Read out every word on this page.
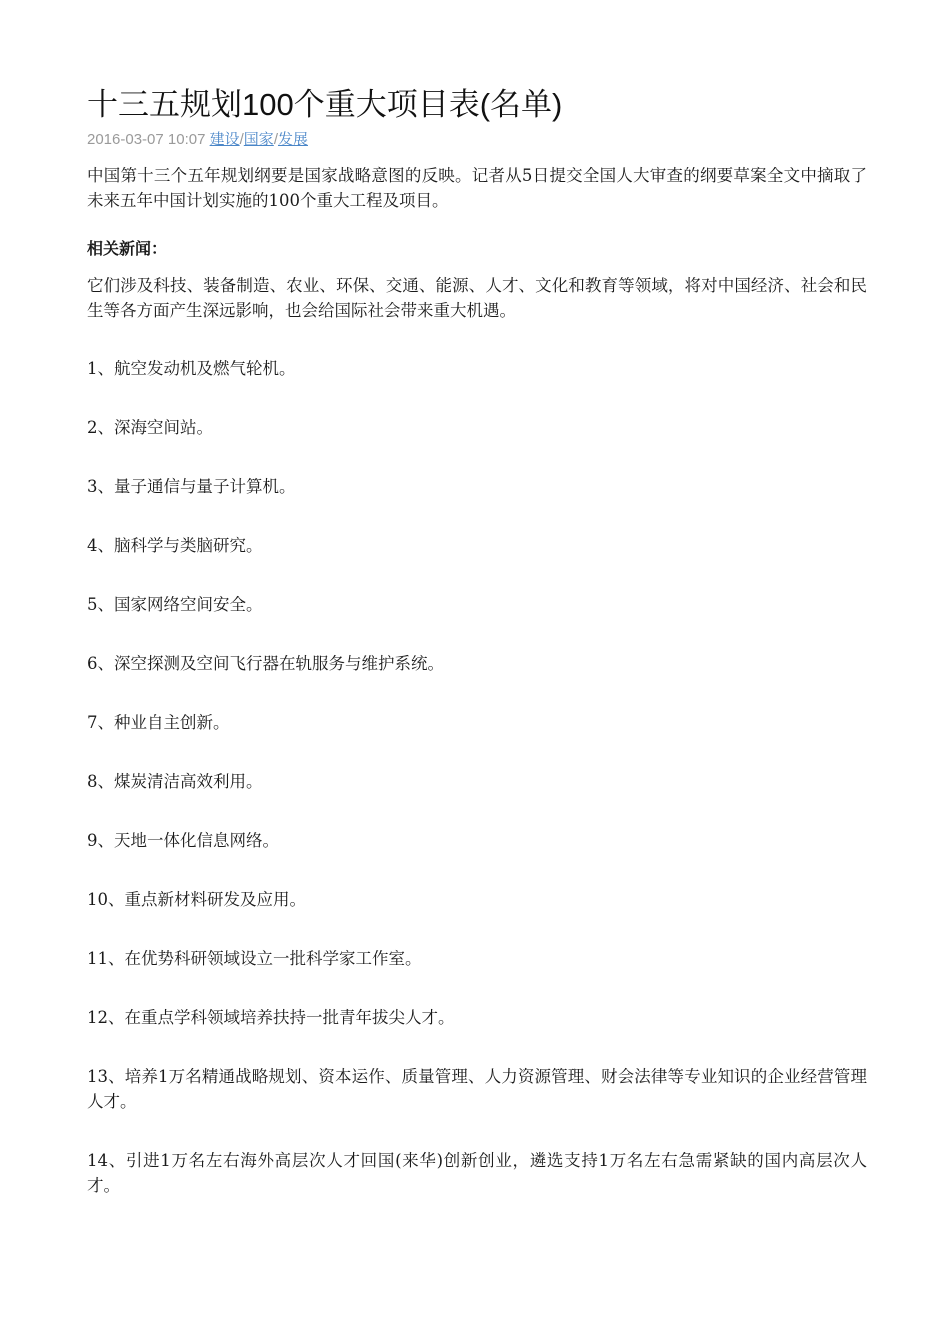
十三五规划100个重大项目表(名单)
2016-03-07 10:07 建设/国家/发展

中国第十三个五年规划纲要是国家战略意图的反映。记者从5日提交全国人大审查的纲要草案全文中摘取了未来五年中国计划实施的100个重大工程及项目。

相关新闻：

它们涉及科技、装备制造、农业、环保、交通、能源、人才、文化和教育等领域，将对中国经济、社会和民生等各方面产生深远影响，也会给国际社会带来重大机遇。

1、航空发动机及燃气轮机。
2、深海空间站。
3、量子通信与量子计算机。
4、脑科学与类脑研究。
5、国家网络空间安全。
6、深空探测及空间飞行器在轨服务与维护系统。
7、种业自主创新。
8、煤炭清洁高效利用。
9、天地一体化信息网络。
10、重点新材料研发及应用。
11、在优势科研领域设立一批科学家工作室。
12、在重点学科领域培养扶持一批青年拔尖人才。
13、培养1万名精通战略规划、资本运作、质量管理、人力资源管理、财会法律等专业知识的企业经营管理人才。
14、引进1万名左右海外高层次人才回国(来华)创新创业，遴选支持1万名左右急需紧缺的国内高层次人才。
